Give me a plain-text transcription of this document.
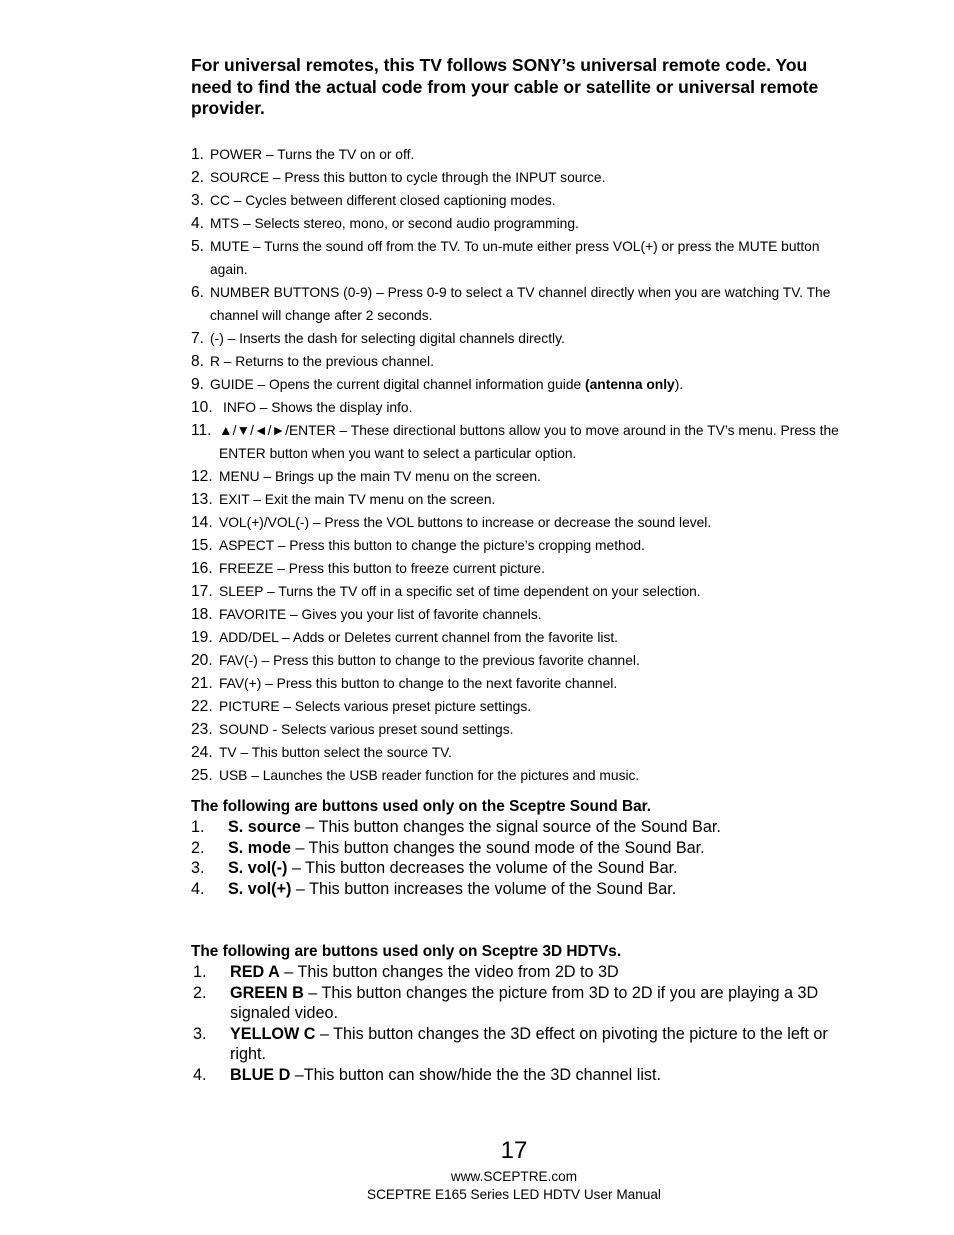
For universal remotes, this TV follows SONY’s universal remote code. You need to find the actual code from your cable or satellite or universal remote provider.
1. POWER – Turns the TV on or off.
2. SOURCE – Press this button to cycle through the INPUT source.
3. CC – Cycles between different closed captioning modes.
4. MTS – Selects stereo, mono, or second audio programming.
5. MUTE – Turns the sound off from the TV. To un-mute either press VOL(+) or press the MUTE button again.
6. NUMBER BUTTONS (0-9) – Press 0-9 to select a TV channel directly when you are watching TV. The channel will change after 2 seconds.
7. (-) – Inserts the dash for selecting digital channels directly.
8. R – Returns to the previous channel.
9. GUIDE – Opens the current digital channel information guide (antenna only).
10. INFO – Shows the display info.
11. ▲/▼/◄/►/ENTER – These directional buttons allow you to move around in the TV’s menu. Press the ENTER button when you want to select a particular option.
12. MENU – Brings up the main TV menu on the screen.
13. EXIT – Exit the main TV menu on the screen.
14. VOL(+)/VOL(-) – Press the VOL buttons to increase or decrease the sound level.
15. ASPECT – Press this button to change the picture’s cropping method.
16. FREEZE – Press this button to freeze current picture.
17. SLEEP – Turns the TV off in a specific set of time dependent on your selection.
18. FAVORITE – Gives you your list of favorite channels.
19. ADD/DEL – Adds or Deletes current channel from the favorite list.
20. FAV(-) – Press this button to change to the previous favorite channel.
21. FAV(+) – Press this button to change to the next favorite channel.
22. PICTURE – Selects various preset picture settings.
23. SOUND - Selects various preset sound settings.
24. TV – This button select the source TV.
25. USB – Launches the USB reader function for the pictures and music.
The following are buttons used only on the Sceptre Sound Bar.
1.	S. source – This button changes the signal source of the Sound Bar.
2.	S. mode – This button changes the sound mode of the Sound Bar.
3.	S. vol(-) – This button decreases the volume of the Sound Bar.
4.	S. vol(+) – This button increases the volume of the Sound Bar.
The following are buttons used only on Sceptre 3D HDTVs.
1.	RED A – This button changes the video from 2D to 3D
2.	GREEN B – This button changes the picture from 3D to 2D if you are playing a 3D signaled video.
3.	YELLOW C – This button changes the 3D effect on pivoting the picture to the left or right.
4.	BLUE D –This button can show/hide the the 3D channel list.
17
www.SCEPTRE.com
SCEPTRE E165 Series LED HDTV User Manual
